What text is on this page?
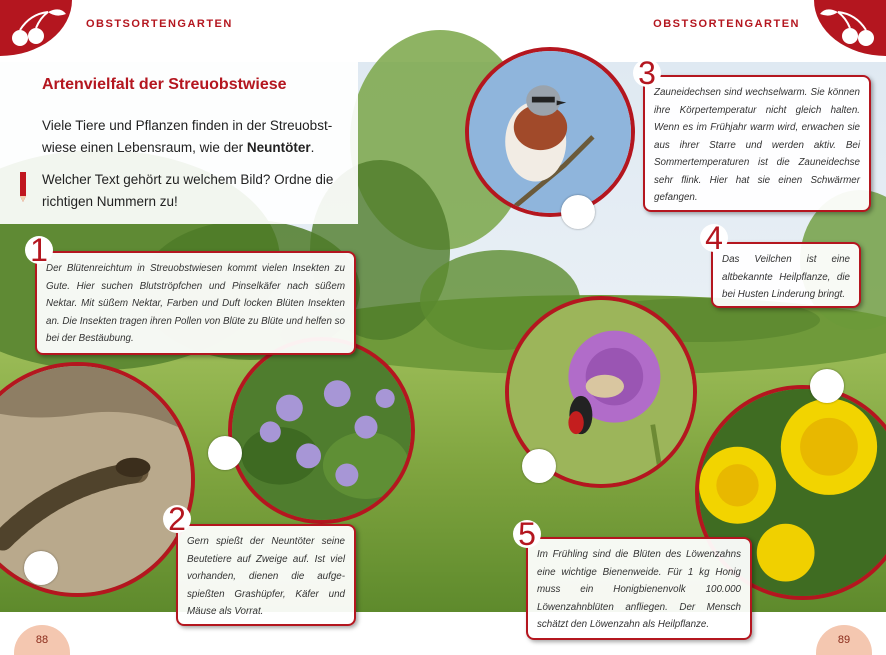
OBSTSORTENGARTEN	OBSTSORTENGARTEN
Artenvielfalt der Streuobstwiese
Viele Tiere und Pflanzen finden in der Streuobstwiese einen Lebensraum, wie der Neuntöter.
Welcher Text gehört zu welchem Bild? Ordne die richtigen Nummern zu!
Der Blütenreichtum in Streuobstwiesen kommt vielen Insekten zu Gute. Hier suchen Blutströpfchen und Pinselkäfer nach süßem Nektar. Mit süßem Nektar, Farben und Duft locken Blüten Insekten an. Die Insekten tragen ihren Pollen von Blüte zu Blüte und helfen so bei der Bestäubung.
Gern spießt der Neuntöter seine Beutetiere auf Zweige auf. Ist viel vorhanden, dienen die aufgespießten Grashüpfer, Käfer und Mäuse als Vorrat.
Zauneidechsen sind wechselwarm. Sie können ihre Körpertemperatur nicht gleich halten. Wenn es im Frühjahr warm wird, erwachen sie aus ihrer Starre und werden aktiv. Bei Sommertemperaturen ist die Zauneidechse sehr flink. Hier hat sie einen Schwärmer gefangen.
Das Veilchen ist eine altbekannte Heilpflanze, die bei Husten Linderung bringt.
Im Frühling sind die Blüten des Löwenzahns eine wichtige Bienenweide. Für 1 kg Honig muss ein Honigbienenvolk 100.000 Löwenzahnblüten anfliegen. Der Mensch schätzt den Löwenzahn als Heilpflanze.
1
2
3
4
5
88	89
